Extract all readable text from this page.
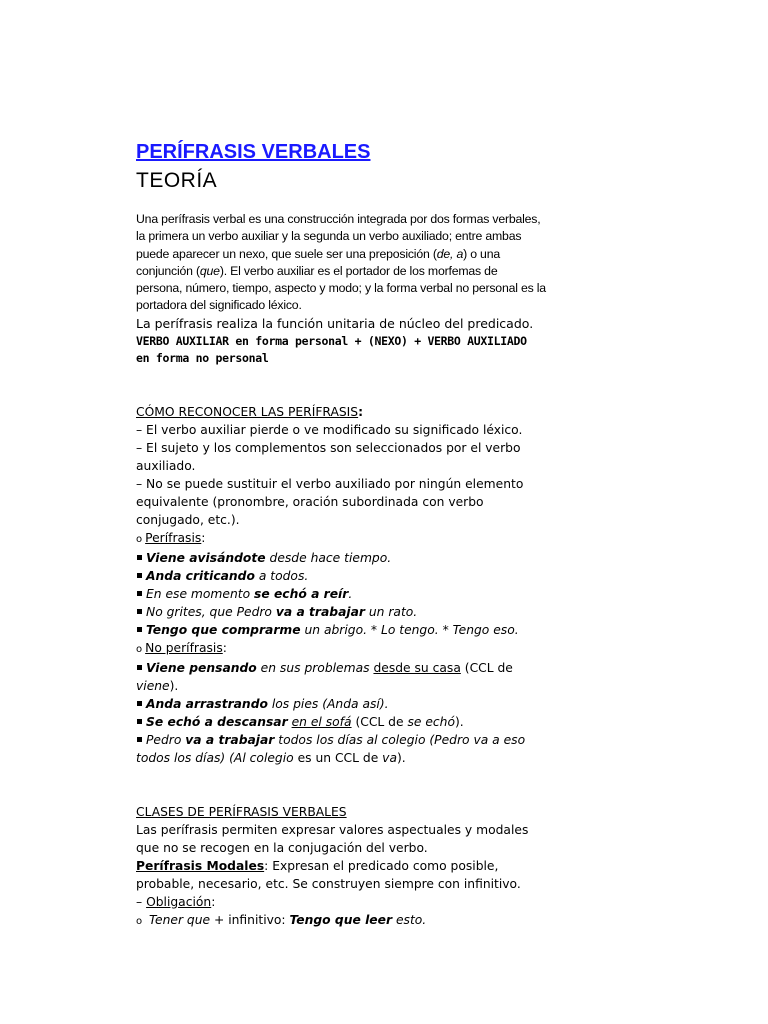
PERÍFRASIS VERBALES
TEORÍA

Una perífrasis verbal es una construcción integrada por dos formas verbales, la primera un verbo auxiliar y la segunda un verbo auxiliado; entre ambas puede aparecer un nexo, que suele ser una preposición (de, a) o una conjunción (que). El verbo auxiliar es el portador de los morfemas de persona, número, tiempo, aspecto y modo; y la forma verbal no personal es la portadora del significado léxico.

La perífrasis realiza la función unitaria de núcleo del predicado.

VERBO AUXILIAR en forma personal + (NEXO) + VERBO AUXILIADO en forma no personal

CÓMO RECONOCER LAS PERÍFRASIS:

– El verbo auxiliar pierde o ve modificado su significado léxico.

– El sujeto y los complementos son seleccionados por el verbo auxiliado.

– No se puede sustituir el verbo auxiliado por ningún elemento equivalente (pronombre, oración subordinada con verbo conjugado, etc.).

o Perífrasis:

Viene avisándote desde hace tiempo.

Anda criticando a todos.

En ese momento se echó a reír.

No grites, que Pedro va a trabajar un rato.

Tengo que comprarme un abrigo. * Lo tengo. * Tengo eso.

o No perífrasis:

Viene pensando en sus problemas desde su casa (CCL de viene).

Anda arrastrando los pies (Anda así).

Se echó a descansar en el sofá (CCL de se echó).

Pedro va a trabajar todos los días al colegio (Pedro va a eso todos los días) (Al colegio es un CCL de va).

CLASES DE PERÍFRASIS VERBALES

Las perífrasis permiten expresar valores aspectuales y modales que no se recogen en la conjugación del verbo.

Perífrasis Modales: Expresan el predicado como posible, probable, necesario, etc. Se construyen siempre con infinitivo.

– Obligación:

o Tener que + infinitivo: Tengo que leer esto.
